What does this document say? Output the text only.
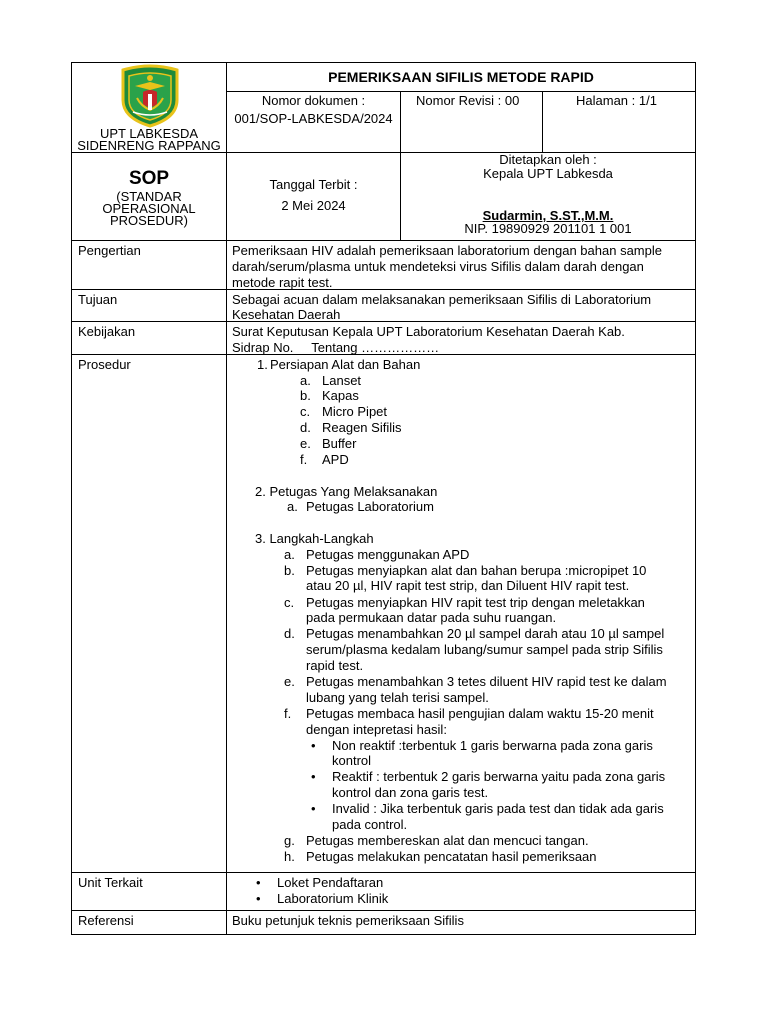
UPT LABKESDA
SIDENRENG RAPPANG
PEMERIKSAAN SIFILIS METODE RAPID
Nomor dokumen :
001/SOP-LABKESDA/2024
Nomor Revisi : 00	Halaman : 1/1
SOP
(STANDAR
OPERASIONAL
PROSEDUR)
Tanggal Terbit :
2 Mei 2024
Ditetapkan oleh :
Kepala UPT Labkesda
Sudarmin, S.ST.,M.M.
NIP. 19890929 201101 1 001
Pengertian
Tujuan
Kebijakan
Prosedur
Unit Terkait
Referensi
Pemeriksaan HIV adalah pemeriksaan laboratorium dengan bahan sample
darah/serum/plasma untuk mendeteksi virus Sifilis dalam darah dengan
metode rapit test.
Sebagai acuan dalam melaksanakan pemeriksaan Sifilis di Laboratorium
Kesehatan Daerah
Surat Keputusan Kepala UPT Laboratorium Kesehatan Daerah Kab.
Sidrap No.     Tentang ………………
1. Persiapan Alat dan Bahan
a. Lanset
b. Kapas
c. Micro Pipet
d. Reagen Sifilis
e. Buffer
f. APD
2. Petugas Yang Melaksanakan
a. Petugas Laboratorium
3. Langkah-Langkah
a. Petugas menggunakan APD
b. Petugas menyiapkan alat dan bahan berupa :micropipet 10
atau 20 µl, HIV rapit test strip, dan Diluent HIV rapit test.
c. Petugas menyiapkan HIV rapit test trip dengan meletakkan
pada permukaan datar pada suhu ruangan.
d. Petugas menambahkan 20 µl sampel darah atau 10 µl sampel
serum/plasma kedalam lubang/sumur sampel pada strip Sifilis
rapid test.
e. Petugas menambahkan 3 tetes diluent HIV rapid test ke dalam
lubang yang telah terisi sampel.
f. Petugas membaca hasil pengujian dalam waktu 15-20 menit
dengan intepretasi hasil:
• Non reaktif :terbentuk 1 garis berwarna pada zona garis
kontrol
• Reaktif : terbentuk 2 garis berwarna yaitu pada zona garis
kontrol dan zona garis test.
• Invalid : Jika terbentuk garis pada test dan tidak ada garis
pada control.
g. Petugas membereskan alat dan mencuci tangan.
h. Petugas melakukan pencatatan hasil pemeriksaan
• Loket Pendaftaran
• Laboratorium Klinik
Buku petunjuk teknis pemeriksaan Sifilis
